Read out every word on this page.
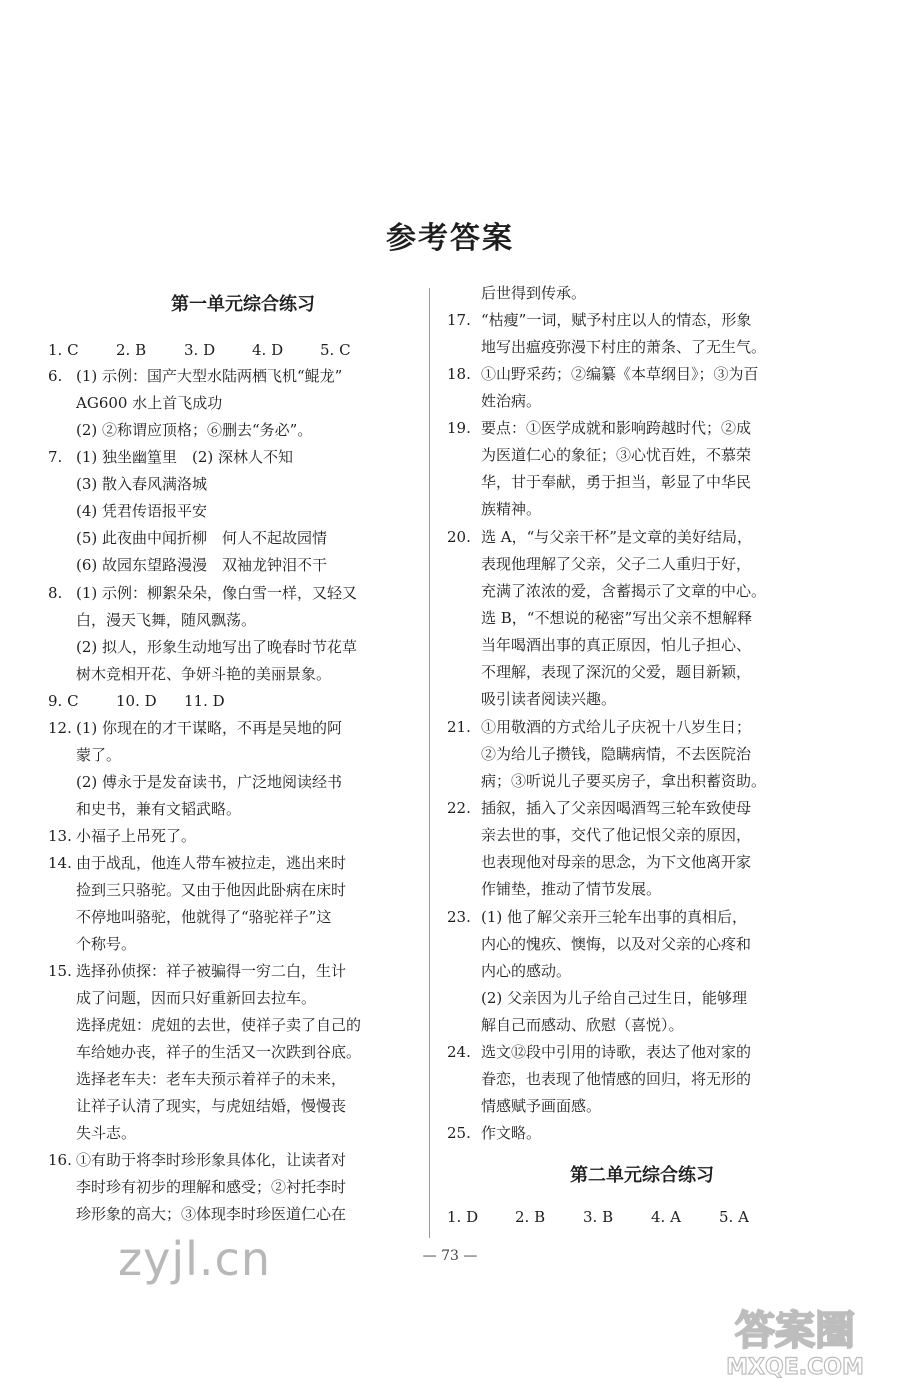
参考答案
第一单元综合练习
1. C 2. B	3. D 4. D 5. C
6. (1) 示例：国产大型水陆两栖飞机“鲲龙”
AG600 水上首飞成功
(2) ②称谓应顶格；⑥删去“务必”。
7. (1) 独坐幽篁里　(2) 深林人不知
(3) 散入春风满洛城
(4) 凭君传语报平安
(5) 此夜曲中闻折柳　何人不起故园情
(6) 故园东望路漫漫　双袖龙钟泪不干
8. (1) 示例：柳絮朵朵，像白雪一样，又轻又
白，漫天飞舞，随风飘荡。
(2) 拟人，形象生动地写出了晚春时节花草
树木竞相开花、争妍斗艳的美丽景象。
9. C 10. D 11. D
12. (1) 你现在的才干谋略，不再是吴地的阿
蒙了。
(2) 傅永于是发奋读书，广泛地阅读经书
和史书，兼有文韬武略。
13. 小福子上吊死了。
14. 由于战乱，他连人带车被拉走，逃出来时
捡到三只骆驼。又由于他因此卧病在床时
不停地叫骆驼，他就得了“骆驼祥子”这
个称号。
15. 选择孙侦探：祥子被骗得一穷二白，生计
成了问题，因而只好重新回去拉车。
选择虎妞：虎妞的去世，使祥子卖了自己的
车给她办丧，祥子的生活又一次跌到谷底。
选择老车夫：老车夫预示着祥子的未来，
让祥子认清了现实，与虎妞结婚，慢慢丧
失斗志。
16. ①有助于将李时珍形象具体化，让读者对
李时珍有初步的理解和感受；②衬托李时
珍形象的高大；③体现李时珍医道仁心在
后世得到传承。
17. “枯瘦”一词，赋予村庄以人的情态，形象
地写出瘟疫弥漫下村庄的萧条、了无生气。
18. ①山野采药；②编纂《本草纲目》；③为百
姓治病。
19. 要点：①医学成就和影响跨越时代；②成
为医道仁心的象征；③心忧百姓，不慕荣
华，甘于奉献，勇于担当，彰显了中华民
族精神。
20. 选 A，“与父亲干杯”是文章的美好结局，
表现他理解了父亲，父子二人重归于好，
充满了浓浓的爱，含蓄揭示了文章的中心。
选 B，“不想说的秘密”写出父亲不想解释
当年喝酒出事的真正原因，怕儿子担心、
不理解，表现了深沉的父爱，题目新颖，
吸引读者阅读兴趣。
21. ①用敬酒的方式给儿子庆祝十八岁生日；
②为给儿子攒钱，隐瞒病情，不去医院治
病；③听说儿子要买房子，拿出积蓄资助。
22. 插叙，插入了父亲因喝酒驾三轮车致使母
亲去世的事，交代了他记恨父亲的原因，
也表现他对母亲的思念，为下文他离开家
作铺垫，推动了情节发展。
23. (1) 他了解父亲开三轮车出事的真相后，
内心的愧疚、懊悔，以及对父亲的心疼和
内心的感动。
(2) 父亲因为儿子给自己过生日，能够理
解自己而感动、欣慰（喜悦）。
24. 选文⑫段中引用的诗歌，表达了他对家的
眷恋，也表现了他情感的回归，将无形的
情感赋予画面感。
25. 作文略。
第二单元综合练习
1. D 2. B	3. B	4. A	5. A
— 73 —
zyjl.cn
答案圈
MXQE.COM
